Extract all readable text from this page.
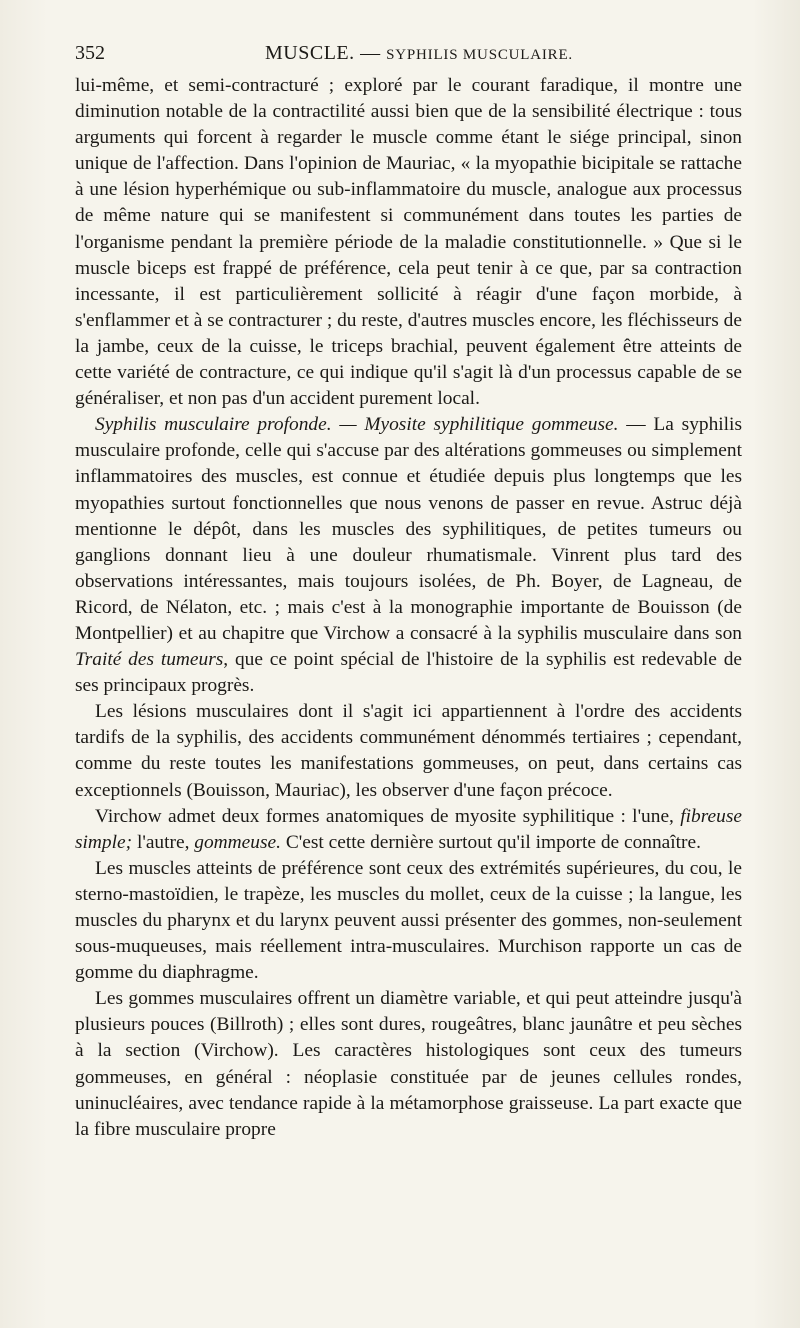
352	MUSCLE. — SYPHILIS MUSCULAIRE.

lui-même, et semi-contracturé ; exploré par le courant faradique, il montre une diminution notable de la contractilité aussi bien que de la sensibilité électrique : tous arguments qui forcent à regarder le muscle comme étant le siége principal, sinon unique de l'affection. Dans l'opinion de Mauriac, « la myopathie bicipitale se rattache à une lésion hyperhémique ou sub-inflammatoire du muscle, analogue aux processus de même nature qui se manifestent si communément dans toutes les parties de l'organisme pendant la première période de la maladie constitutionnelle. » Que si le muscle biceps est frappé de préférence, cela peut tenir à ce que, par sa contraction incessante, il est particulièrement sollicité à réagir d'une façon morbide, à s'enflammer et à se contracturer ; du reste, d'autres muscles encore, les fléchisseurs de la jambe, ceux de la cuisse, le triceps brachial, peuvent également être atteints de cette variété de contracture, ce qui indique qu'il s'agit là d'un processus capable de se généraliser, et non pas d'un accident purement local.

Syphilis musculaire profonde. — Myosite syphilitique gommeuse. — La syphilis musculaire profonde, celle qui s'accuse par des altérations gommeuses ou simplement inflammatoires des muscles, est connue et étudiée depuis plus longtemps que les myopathies surtout fonctionnelles que nous venons de passer en revue. Astruc déjà mentionne le dépôt, dans les muscles des syphilitiques, de petites tumeurs ou ganglions donnant lieu à une douleur rhumatismale. Vinrent plus tard des observations intéressantes, mais toujours isolées, de Ph. Boyer, de Lagneau, de Ricord, de Nélaton, etc. ; mais c'est à la monographie importante de Bouisson (de Montpellier) et au chapitre que Virchow a consacré à la syphilis musculaire dans son Traité des tumeurs, que ce point spécial de l'histoire de la syphilis est redevable de ses principaux progrès.

Les lésions musculaires dont il s'agit ici appartiennent à l'ordre des accidents tardifs de la syphilis, des accidents communément dénommés tertiaires ; cependant, comme du reste toutes les manifestations gommeuses, on peut, dans certains cas exceptionnels (Bouisson, Mauriac), les observer d'une façon précoce.

Virchow admet deux formes anatomiques de myosite syphilitique : l'une, fibreuse simple; l'autre, gommeuse. C'est cette dernière surtout qu'il importe de connaître.

Les muscles atteints de préférence sont ceux des extrémités supérieures, du cou, le sterno-mastoïdien, le trapèze, les muscles du mollet, ceux de la cuisse ; la langue, les muscles du pharynx et du larynx peuvent aussi présenter des gommes, non-seulement sous-muqueuses, mais réellement intra-musculaires. Murchison rapporte un cas de gomme du diaphragme.

Les gommes musculaires offrent un diamètre variable, et qui peut atteindre jusqu'à plusieurs pouces (Billroth) ; elles sont dures, rougeâtres, blanc jaunâtre et peu sèches à la section (Virchow). Les caractères histologiques sont ceux des tumeurs gommeuses, en général : néoplasie constituée par de jeunes cellules rondes, uninucléaires, avec tendance rapide à la métamorphose graisseuse. La part exacte que la fibre musculaire propre
